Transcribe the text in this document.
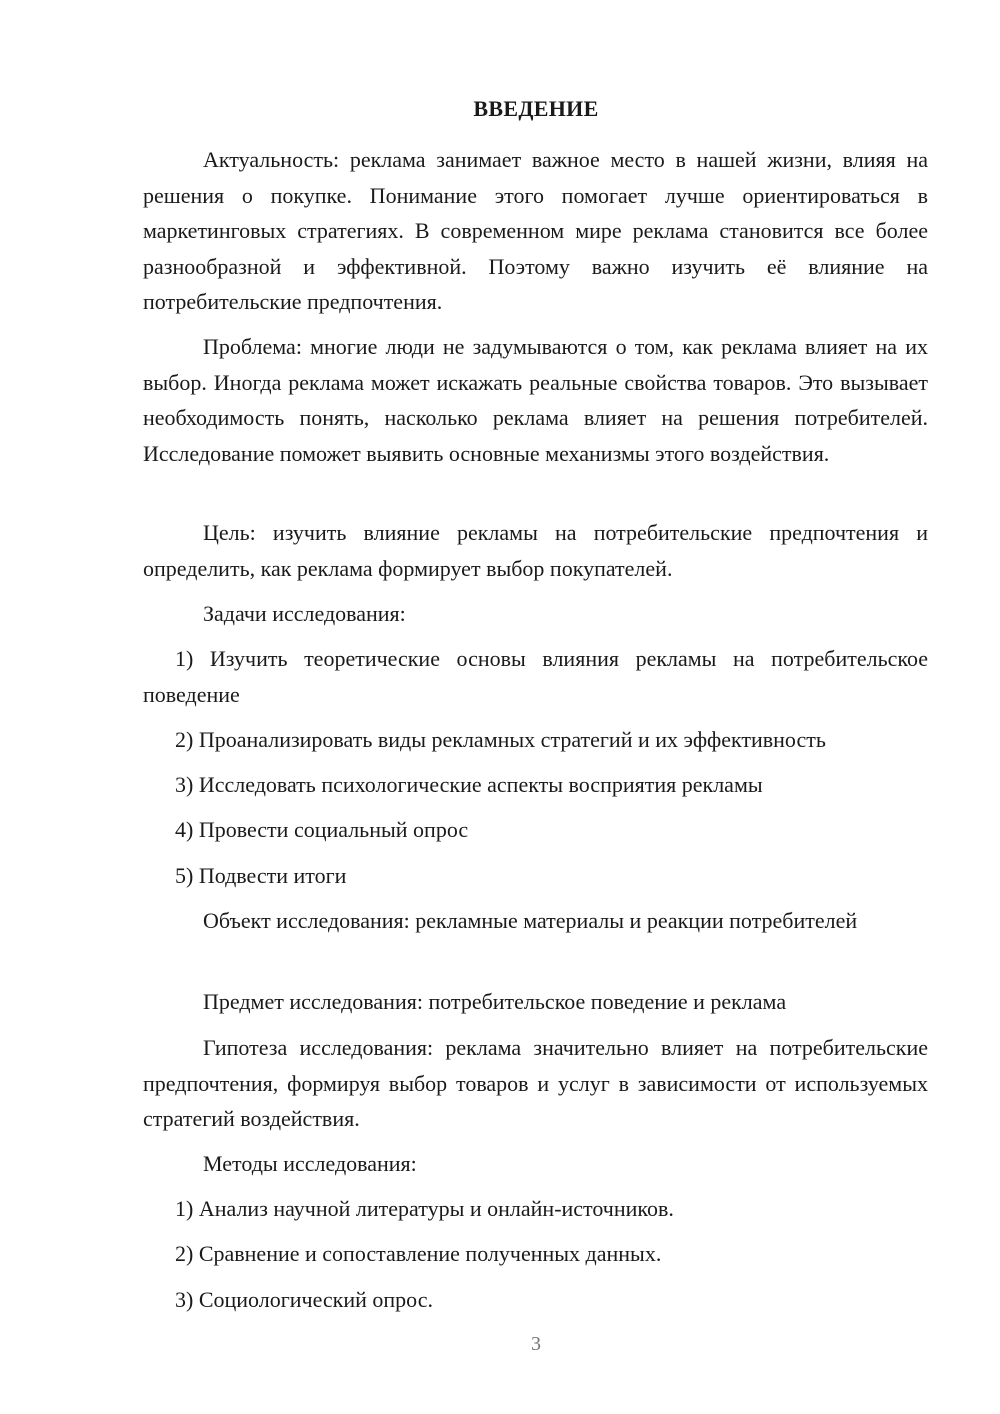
ВВЕДЕНИЕ

Актуальность: реклама занимает важное место в нашей жизни, влияя на решения о покупке. Понимание этого помогает лучше ориентироваться в маркетинговых стратегиях. В современном мире реклама становится все более разнообразной и эффективной. Поэтому важно изучить её влияние на потребительские предпочтения.

Проблема: многие люди не задумываются о том, как реклама влияет на их выбор. Иногда реклама может искажать реальные свойства товаров. Это вызывает необходимость понять, насколько реклама влияет на решения потребителей. Исследование поможет выявить основные механизмы этого воздействия.

Цель: изучить влияние рекламы на потребительские предпочтения и определить, как реклама формирует выбор покупателей.

Задачи исследования:

1) Изучить теоретические основы влияния рекламы на потребительское поведение

2) Проанализировать виды рекламных стратегий и их эффективность

3) Исследовать психологические аспекты восприятия рекламы

4) Провести социальный опрос

5) Подвести итоги

Объект исследования: рекламные материалы и реакции потребителей

Предмет исследования: потребительское поведение и реклама

Гипотеза исследования: реклама значительно влияет на потребительские предпочтения, формируя выбор товаров и услуг в зависимости от используемых стратегий воздействия.

Методы исследования:

1) Анализ научной литературы и онлайн-источников.

2) Сравнение и сопоставление полученных данных.

3) Социологический опрос.

3
